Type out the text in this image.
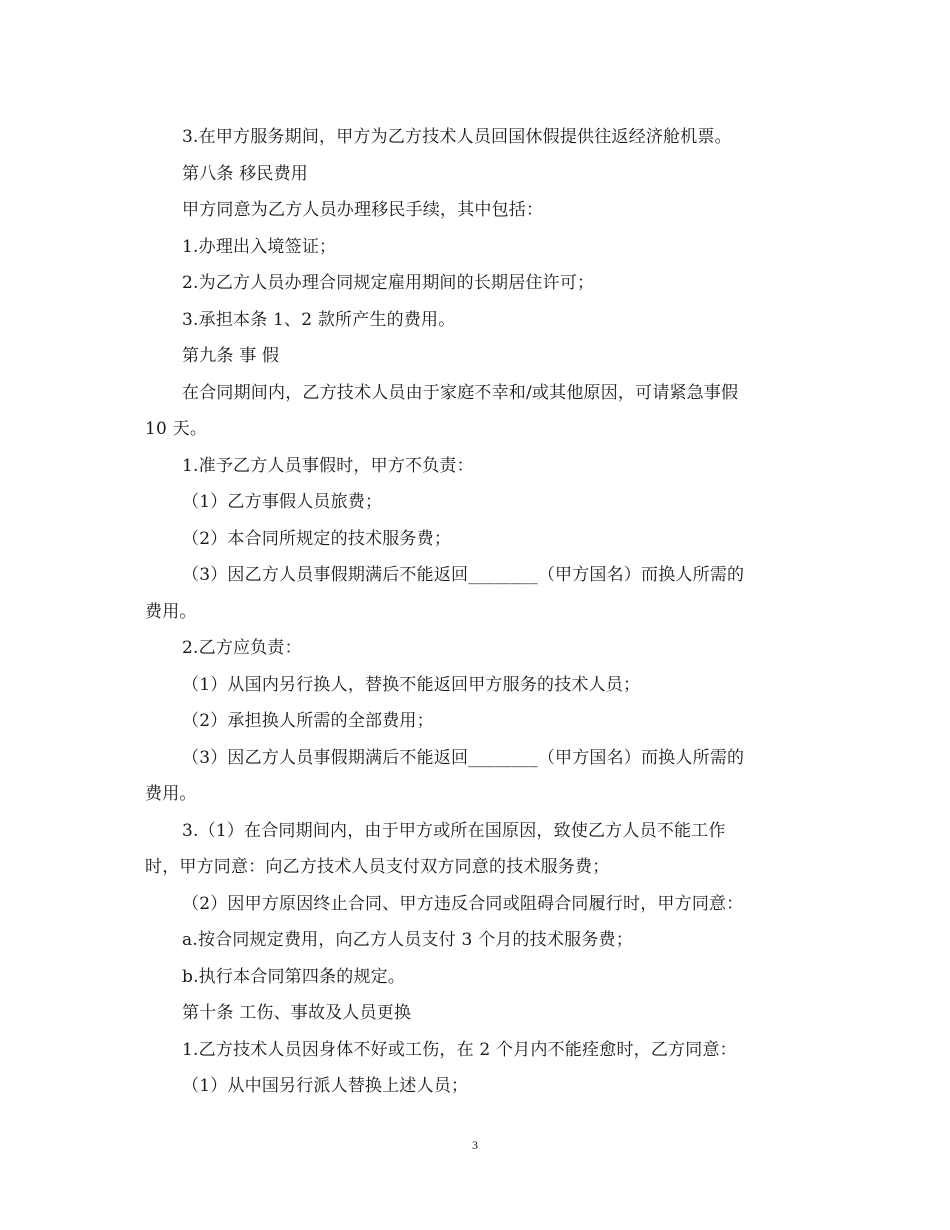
3.在甲方服务期间，甲方为乙方技术人员回国休假提供往返经济舱机票。
第八条 移民费用
甲方同意为乙方人员办理移民手续，其中包括：
1.办理出入境签证；
2.为乙方人员办理合同规定雇用期间的长期居住许可；
3.承担本条 1、2 款所产生的费用。
第九条 事 假
在合同期间内，乙方技术人员由于家庭不幸和/或其他原因，可请紧急事假
10 天。
1.准予乙方人员事假时，甲方不负责：
（1）乙方事假人员旅费；
（2）本合同所规定的技术服务费；
（3）因乙方人员事假期满后不能返回________（甲方国名）而换人所需的
费用。
2.乙方应负责：
（1）从国内另行换人，替换不能返回甲方服务的技术人员；
（2）承担换人所需的全部费用；
（3）因乙方人员事假期满后不能返回________（甲方国名）而换人所需的
费用。
3.（1）在合同期间内，由于甲方或所在国原因，致使乙方人员不能工作
时，甲方同意：向乙方技术人员支付双方同意的技术服务费；
（2）因甲方原因终止合同、甲方违反合同或阻碍合同履行时，甲方同意：
a.按合同规定费用，向乙方人员支付 3 个月的技术服务费；
b.执行本合同第四条的规定。
第十条 工伤、事故及人员更换
1.乙方技术人员因身体不好或工伤，在 2 个月内不能痊愈时，乙方同意：
（1）从中国另行派人替换上述人员；
3
